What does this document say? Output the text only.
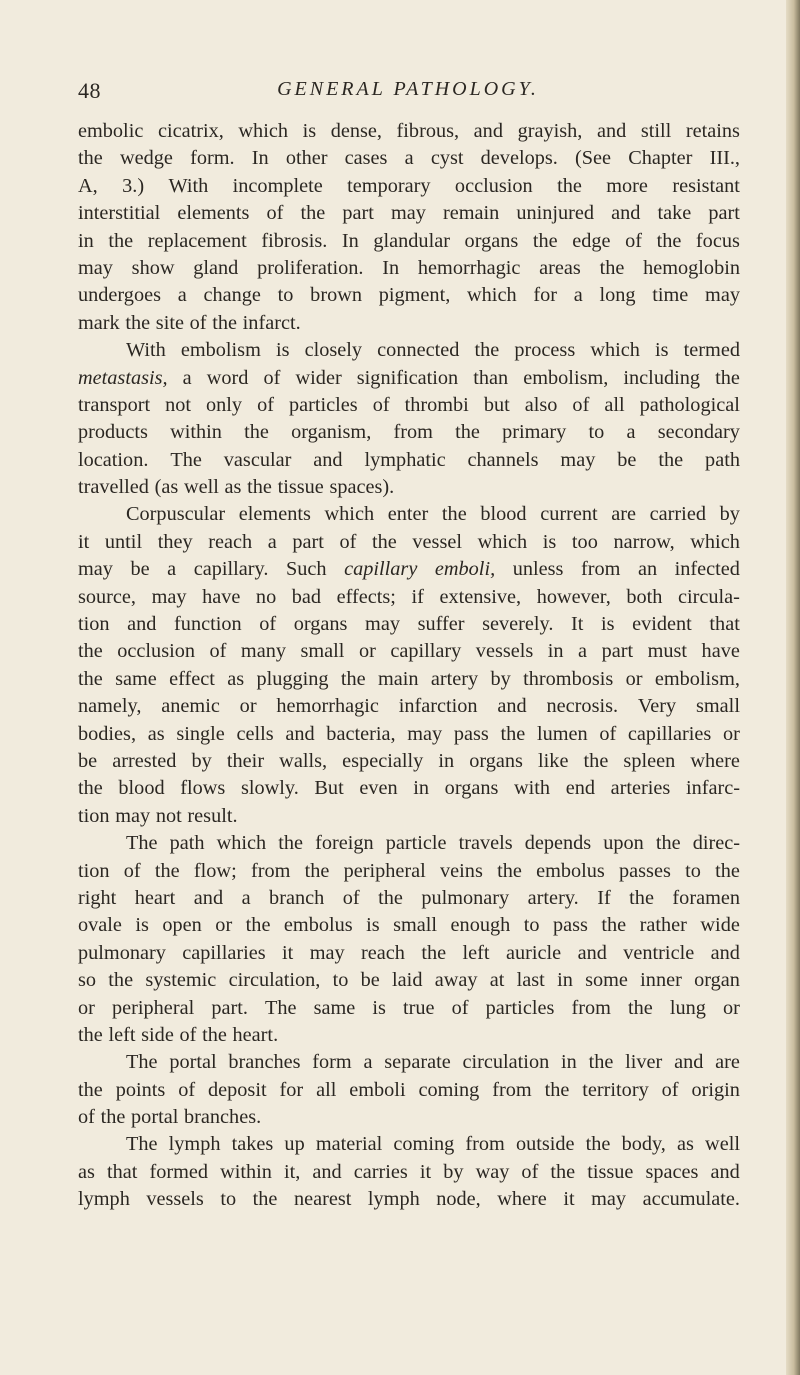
48	GENERAL PATHOLOGY.
embolic cicatrix, which is dense, fibrous, and grayish, and still retains
the wedge form. In other cases a cyst develops. (See Chapter III.,
A, 3.) With incomplete temporary occlusion the more resistant
interstitial elements of the part may remain uninjured and take part
in the replacement fibrosis. In glandular organs the edge of the focus
may show gland proliferation. In hemorrhagic areas the hemoglobin
undergoes a change to brown pigment, which for a long time may
mark the site of the infarct.
With embolism is closely connected the process which is termed
metastasis, a word of wider signification than embolism, including the
transport not only of particles of thrombi but also of all pathological
products within the organism, from the primary to a secondary
location. The vascular and lymphatic channels may be the path
travelled (as well as the tissue spaces).
Corpuscular elements which enter the blood current are carried by
it until they reach a part of the vessel which is too narrow, which
may be a capillary. Such capillary emboli, unless from an infected
source, may have no bad effects; if extensive, however, both circula-
tion and function of organs may suffer severely. It is evident that
the occlusion of many small or capillary vessels in a part must have
the same effect as plugging the main artery by thrombosis or embolism,
namely, anemic or hemorrhagic infarction and necrosis. Very small
bodies, as single cells and bacteria, may pass the lumen of capillaries or
be arrested by their walls, especially in organs like the spleen where
the blood flows slowly. But even in organs with end arteries infarc-
tion may not result.
The path which the foreign particle travels depends upon the direc-
tion of the flow; from the peripheral veins the embolus passes to the
right heart and a branch of the pulmonary artery. If the foramen
ovale is open or the embolus is small enough to pass the rather wide
pulmonary capillaries it may reach the left auricle and ventricle and
so the systemic circulation, to be laid away at last in some inner organ
or peripheral part. The same is true of particles from the lung or
the left side of the heart.
The portal branches form a separate circulation in the liver and are
the points of deposit for all emboli coming from the territory of origin
of the portal branches.
The lymph takes up material coming from outside the body, as well
as that formed within it, and carries it by way of the tissue spaces and
lymph vessels to the nearest lymph node, where it may accumulate.
